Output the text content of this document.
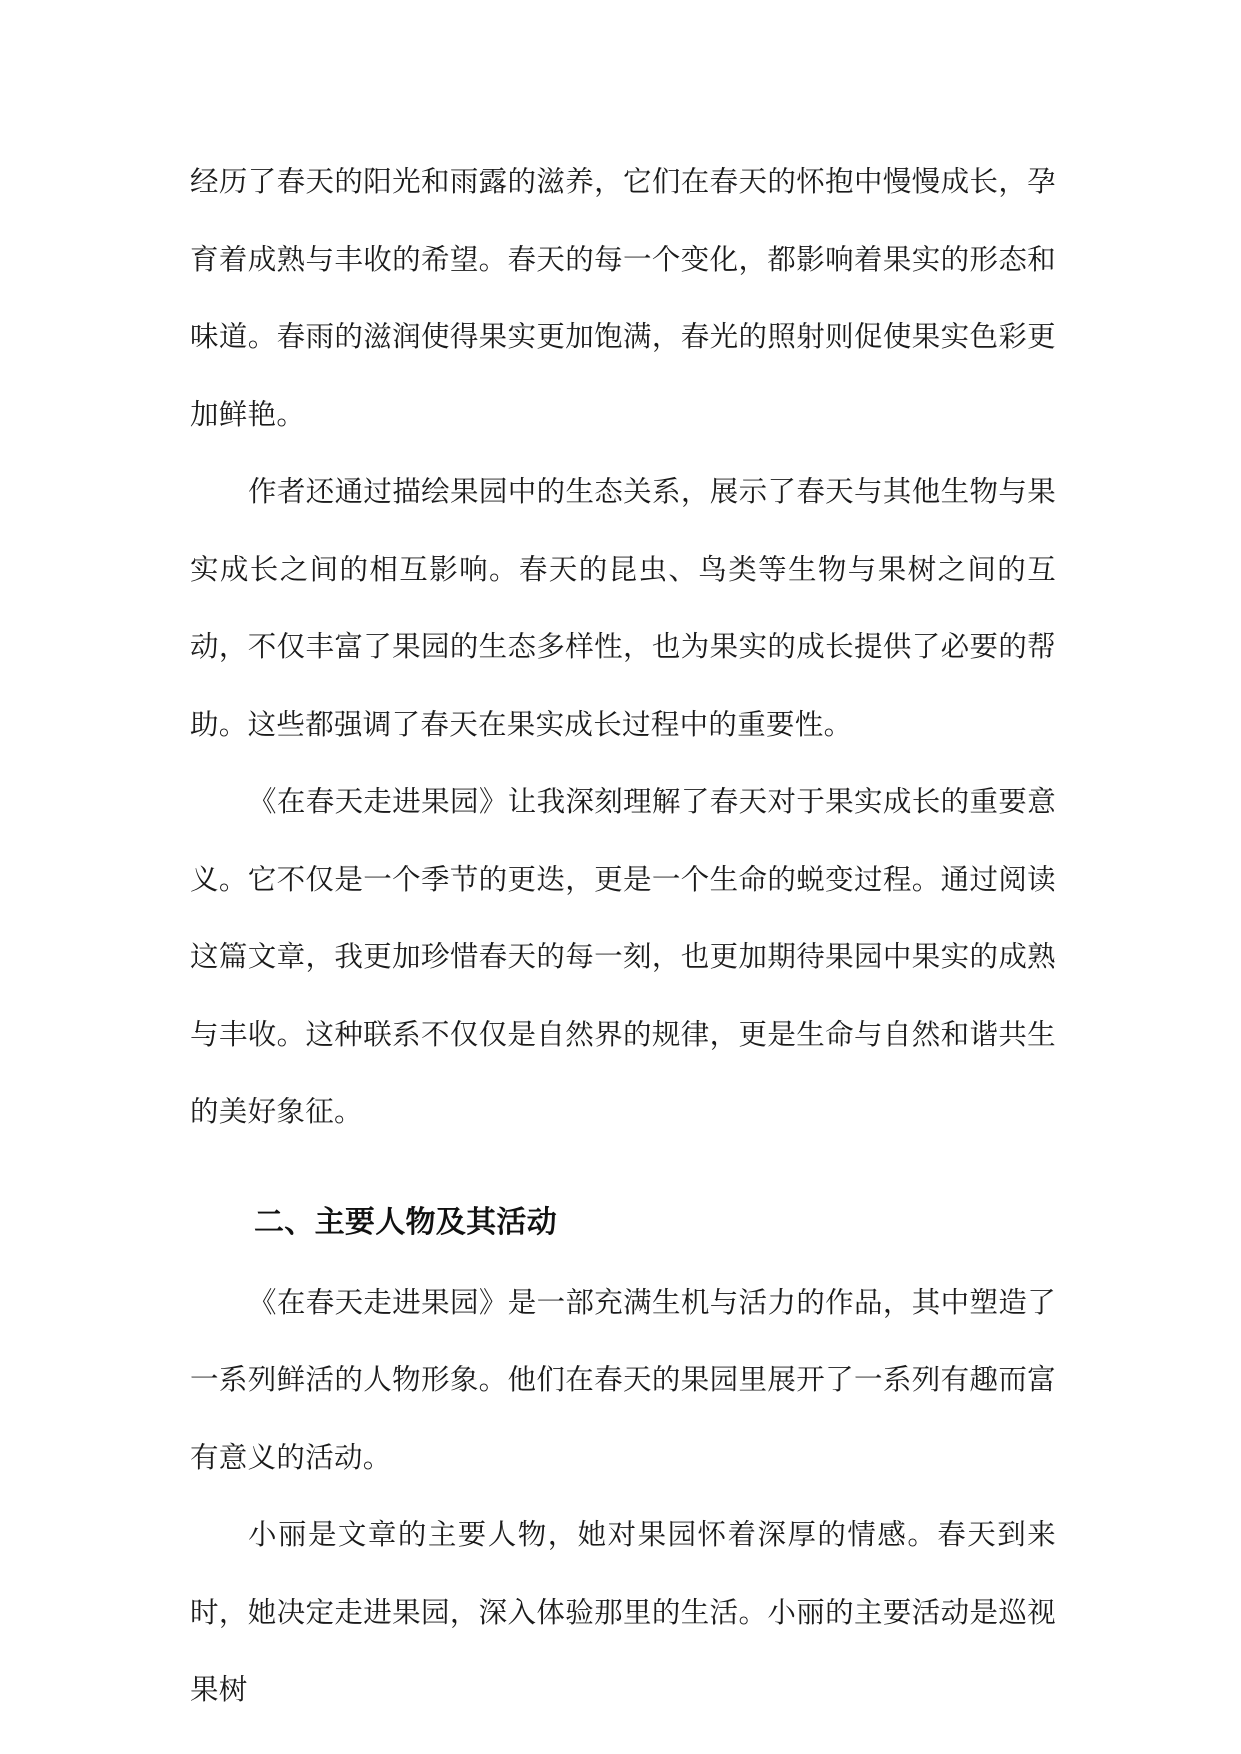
经历了春天的阳光和雨露的滋养，它们在春天的怀抱中慢慢成长，孕育着成熟与丰收的希望。春天的每一个变化，都影响着果实的形态和味道。春雨的滋润使得果实更加饱满，春光的照射则促使果实色彩更加鲜艳。

作者还通过描绘果园中的生态关系，展示了春天与其他生物与果实成长之间的相互影响。春天的昆虫、鸟类等生物与果树之间的互动，不仅丰富了果园的生态多样性，也为果实的成长提供了必要的帮助。这些都强调了春天在果实成长过程中的重要性。

《在春天走进果园》让我深刻理解了春天对于果实成长的重要意义。它不仅是一个季节的更迭，更是一个生命的蜕变过程。通过阅读这篇文章，我更加珍惜春天的每一刻，也更加期待果园中果实的成熟与丰收。这种联系不仅仅是自然界的规律，更是生命与自然和谐共生的美好象征。

二、主要人物及其活动

《在春天走进果园》是一部充满生机与活力的作品，其中塑造了一系列鲜活的人物形象。他们在春天的果园里展开了一系列有趣而富有意义的活动。

小丽是文章的主要人物，她对果园怀着深厚的情感。春天到来时，她决定走进果园，深入体验那里的生活。小丽的主要活动是巡视果树
